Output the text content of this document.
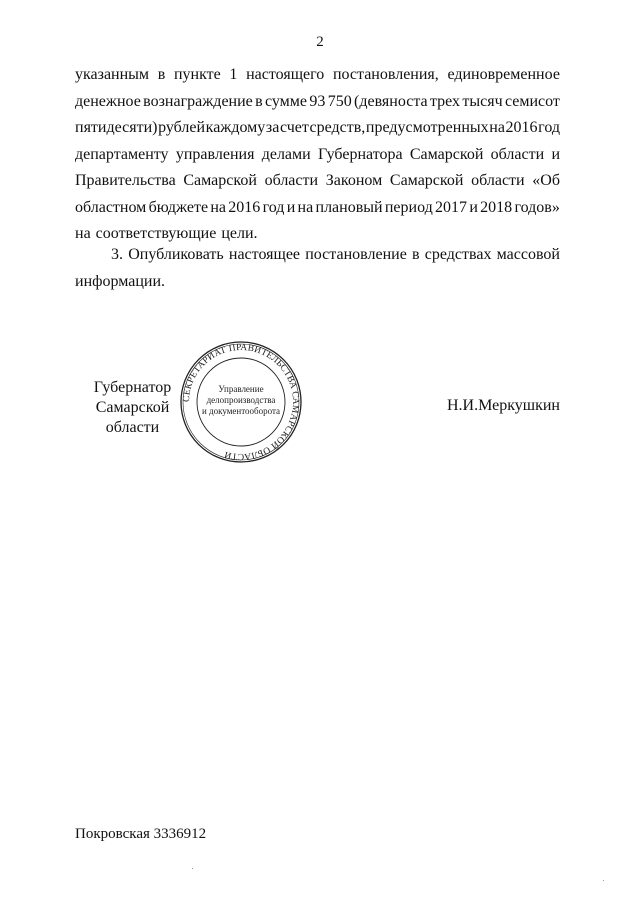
2
указанным в пункте 1 настоящего постановления, единовременное
денежное вознаграждение в сумме 93 750 (девяноста трех тысяч семисот
пятидесяти) рублей каждому за счет средств, предусмотренных на 2016 год
департаменту управления делами Губернатора Самарской области и
Правительства Самарской области Законом Самарской области «Об
областном бюджете на 2016 год и на плановый период 2017 и 2018 годов»
на соответствующие цели.
3. Опубликовать настоящее постановление в средствах массовой
информации.
Губернатор
Самарской области
Н.И.Меркушкин
СЕКРЕТАРИАТ ПРАВИТЕЛЬСТВА САМАРСКОЙ ОБЛАСТИ
Управление
делопроизводства
и документооборота
Покровская 3336912
